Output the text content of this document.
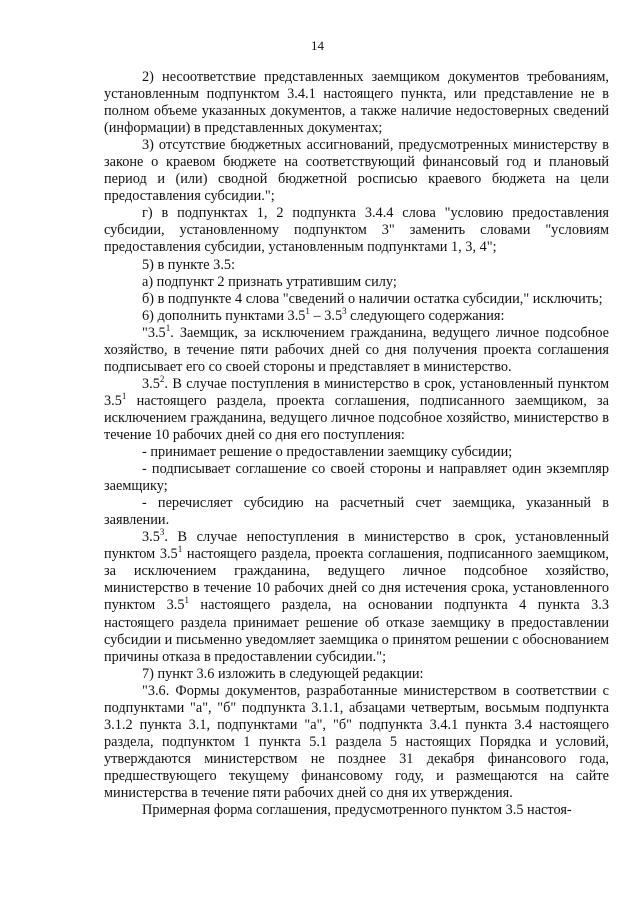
14

2) несоответствие представленных заемщиком документов требованиям, установленным подпунктом 3.4.1 настоящего пункта, или представление не в полном объеме указанных документов, а также наличие недостоверных сведений (информации) в представленных документах;

3) отсутствие бюджетных ассигнований, предусмотренных министерству в законе о краевом бюджете на соответствующий финансовый год и плановый период и (или) сводной бюджетной росписью краевого бюджета на цели предоставления субсидии.";

г) в подпунктах 1, 2 подпункта 3.4.4 слова "условию предоставления субсидии, установленному подпунктом 3" заменить словами "условиям предоставления субсидии, установленным подпунктами 1, 3, 4";

5) в пункте 3.5:

а) подпункт 2 признать утратившим силу;

б) в подпункте 4 слова "сведений о наличии остатка субсидии," исключить;

6) дополнить пунктами $3.5^1 - 3.5^3$ следующего содержания:

"$3.5^1$. Заемщик, за исключением гражданина, ведущего личное подсобное хозяйство, в течение пяти рабочих дней со дня получения проекта соглашения подписывает его со своей стороны и представляет в министерство.

$3.5^2$. В случае поступления в министерство в срок, установленный пунктом $3.5^1$ настоящего раздела, проекта соглашения, подписанного заемщиком, за исключением гражданина, ведущего личное подсобное хозяйство, министерство в течение 10 рабочих дней со дня его поступления:

- принимает решение о предоставлении заемщику субсидии;

- подписывает соглашение со своей стороны и направляет один экземпляр заемщику;

- перечисляет субсидию на расчетный счет заемщика, указанный в заявлении.

$3.5^3$. В случае непоступления в министерство в срок, установленный пунктом $3.5^1$ настоящего раздела, проекта соглашения, подписанного заемщиком, за исключением гражданина, ведущего личное подсобное хозяйство, министерство в течение 10 рабочих дней со дня истечения срока, установленного пунктом $3.5^1$ настоящего раздела, на основании подпункта 4 пункта 3.3 настоящего раздела принимает решение об отказе заемщику в предоставлении субсидии и письменно уведомляет заемщика о принятом решении с обоснованием причины отказа в предоставлении субсидии.";

7) пункт 3.6 изложить в следующей редакции:

"3.6. Формы документов, разработанные министерством в соответствии с подпунктами "а", "б" подпункта 3.1.1, абзацами четвертым, восьмым подпункта 3.1.2 пункта 3.1, подпунктами "а", "б" подпункта 3.4.1 пункта 3.4 настоящего раздела, подпунктом 1 пункта 5.1 раздела 5 настоящих Порядка и условий, утверждаются министерством не позднее 31 декабря финансового года, предшествующего текущему финансовому году, и размещаются на сайте министерства в течение пяти рабочих дней со дня их утверждения.

Примерная форма соглашения, предусмотренного пунктом 3.5 настоя-
